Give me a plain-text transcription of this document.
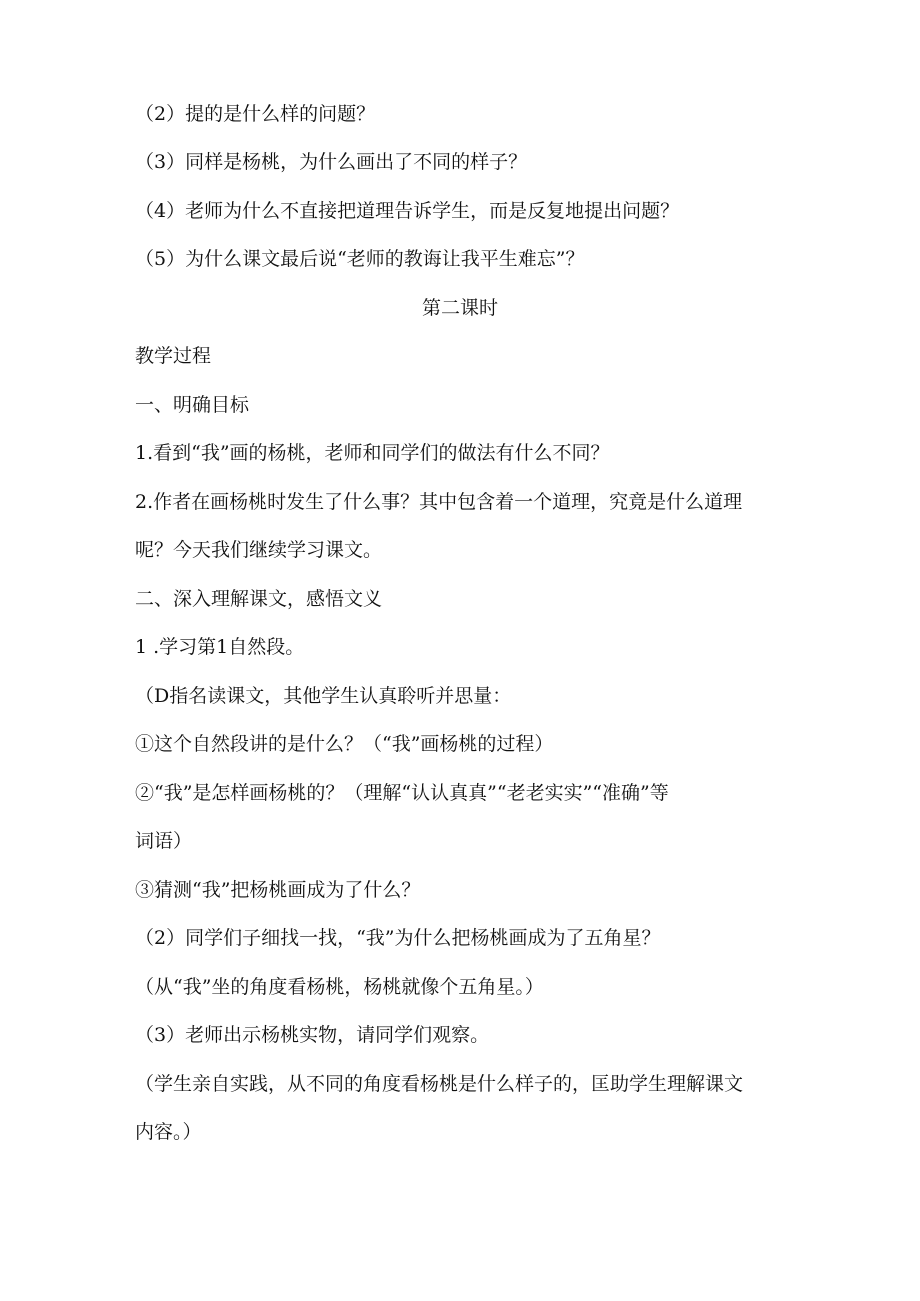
（2）提的是什么样的问题？
（3）同样是杨桃，为什么画出了不同的样子？
（4）老师为什么不直接把道理告诉学生，而是反复地提出问题？
（5）为什么课文最后说“老师的教诲让我平生难忘”？
第二课时
教学过程
一、明确目标
1.看到“我”画的杨桃，老师和同学们的做法有什么不同？
2.作者在画杨桃时发生了什么事？其中包含着一个道理，究竟是什么道理
呢？今天我们继续学习课文。
二、深入理解课文，感悟文义
1 .学习第1自然段。
（D指名读课文，其他学生认真聆听并思量：
①这个自然段讲的是什么？（“我”画杨桃的过程）
②“我”是怎样画杨桃的？（理解“认认真真”“老老实实”“准确”等
词语）
③猜测“我”把杨桃画成为了什么？
（2）同学们子细找一找，“我”为什么把杨桃画成为了五角星？
（从“我”坐的角度看杨桃，杨桃就像个五角星。）
（3）老师出示杨桃实物，请同学们观察。
（学生亲自实践，从不同的角度看杨桃是什么样子的，匡助学生理解课文
内容。）
